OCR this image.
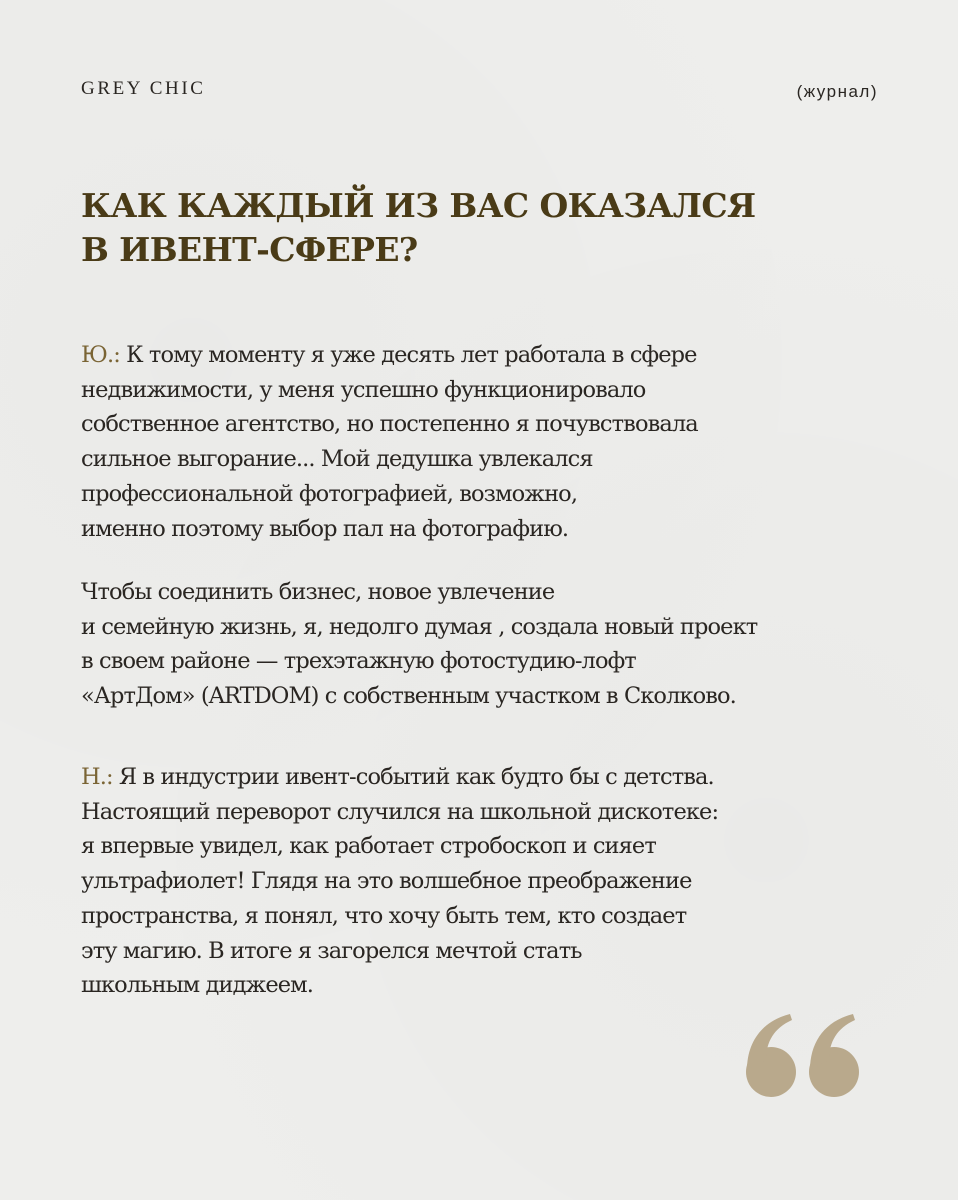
GREY CHIC	(журнал)
КАК КАЖДЫЙ ИЗ ВАС ОКАЗАЛСЯ
В ИВЕНТ-СФЕРЕ?

Ю.: К тому моменту я уже десять лет работала в сфере
недвижимости, у меня успешно функционировало
собственное агентство, но постепенно я почувствовала
сильное выгорание... Мой дедушка увлекался
профессиональной фотографией, возможно,
именно поэтому выбор пал на фотографию.

Чтобы соединить бизнес, новое увлечение
и семейную жизнь, я, недолго думая , создала новый проект
в своем районе — трехэтажную фотостудию-лофт
«АртДом» (ARTDOM) с собственным участком в Сколково.

Н.: Я в индустрии ивент-событий как будто бы с детства.
Настоящий переворот случился на школьной дискотеке:
я впервые увидел, как работает стробоскоп и сияет
ультрафиолет! Глядя на это волшебное преображение
пространства, я понял, что хочу быть тем, кто создает
эту магию. В итоге я загорелся мечтой стать
школьным диджеем.
